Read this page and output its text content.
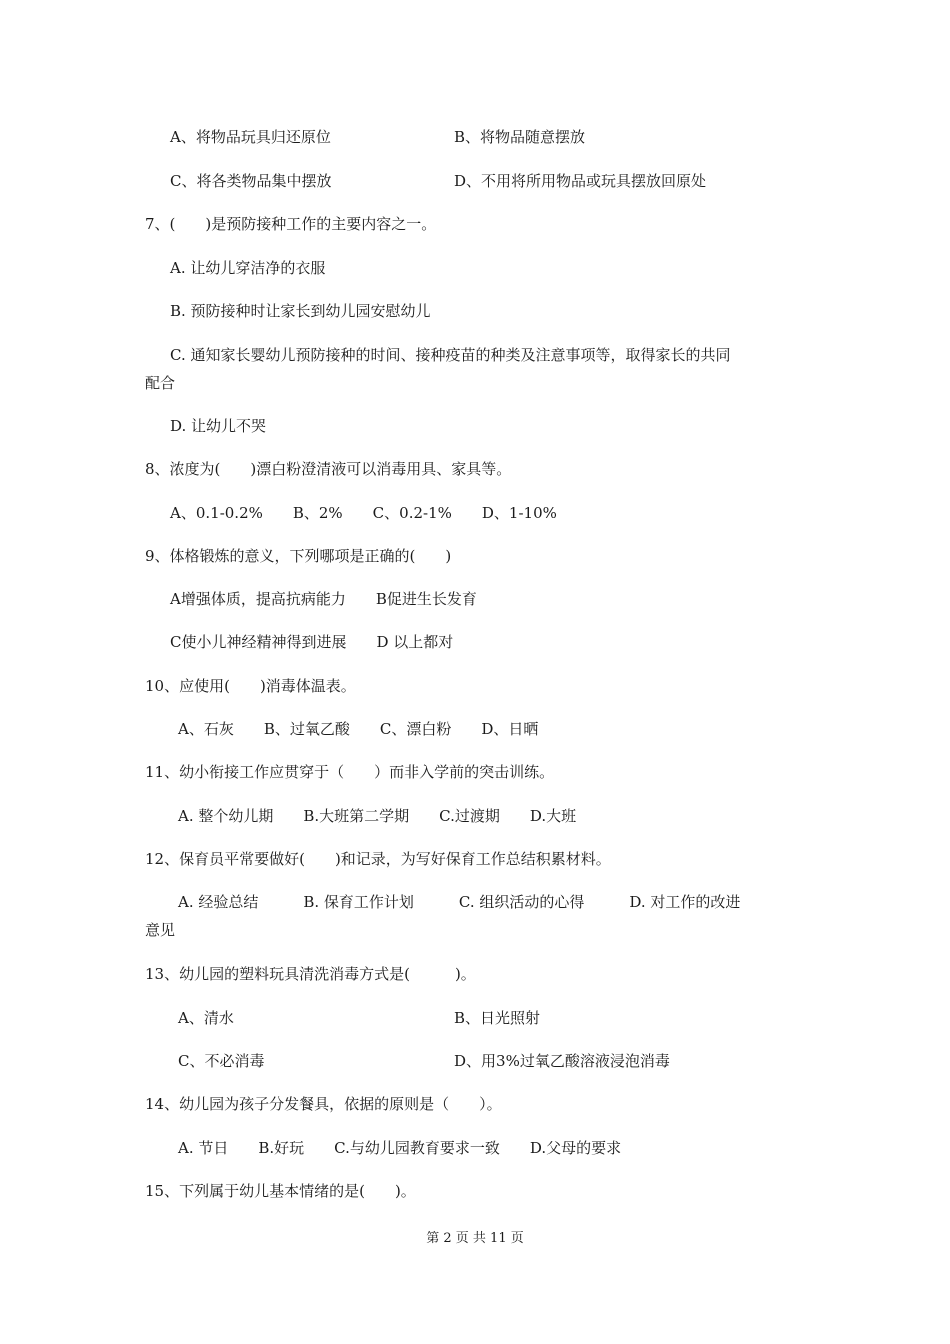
A、将物品玩具归还原位	B、将物品随意摆放
C、将各类物品集中摆放	D、不用将所用物品或玩具摆放回原处
7、(　　)是预防接种工作的主要内容之一。
A. 让幼儿穿洁净的衣服
B. 预防接种时让家长到幼儿园安慰幼儿
C. 通知家长婴幼儿预防接种的时间、接种疫苗的种类及注意事项等，取得家长的共同
配合
D. 让幼儿不哭
8、浓度为(　　)漂白粉澄清液可以消毒用具、家具等。
A、0.1-0.2%　　B、2%　　C、0.2-1%　　D、1-10%
9、体格锻炼的意义，下列哪项是正确的(　　)
A增强体质，提高抗病能力　　B促进生长发育
C使小儿神经精神得到进展　　D 以上都对
10、应使用(　　)消毒体温表。
A、石灰　　B、过氧乙酸　　C、漂白粉　　D、日晒
11、幼小衔接工作应贯穿于（　　）而非入学前的突击训练。
A. 整个幼儿期　　B.大班第二学期　　C.过渡期　　D.大班
12、保育员平常要做好(　　)和记录，为写好保育工作总结积累材料。
A. 经验总结　　　B. 保育工作计划　　　C. 组织活动的心得　　　D. 对工作的改进
意见
13、幼儿园的塑料玩具清洗消毒方式是(　　　)。
A、清水	B、日光照射
C、不必消毒	D、用3%过氧乙酸溶液浸泡消毒
14、幼儿园为孩子分发餐具，依据的原则是（　　）。
A. 节日　　B.好玩　　C.与幼儿园教育要求一致　　D.父母的要求
15、下列属于幼儿基本情绪的是(　　)。
第 2 页 共 11 页
